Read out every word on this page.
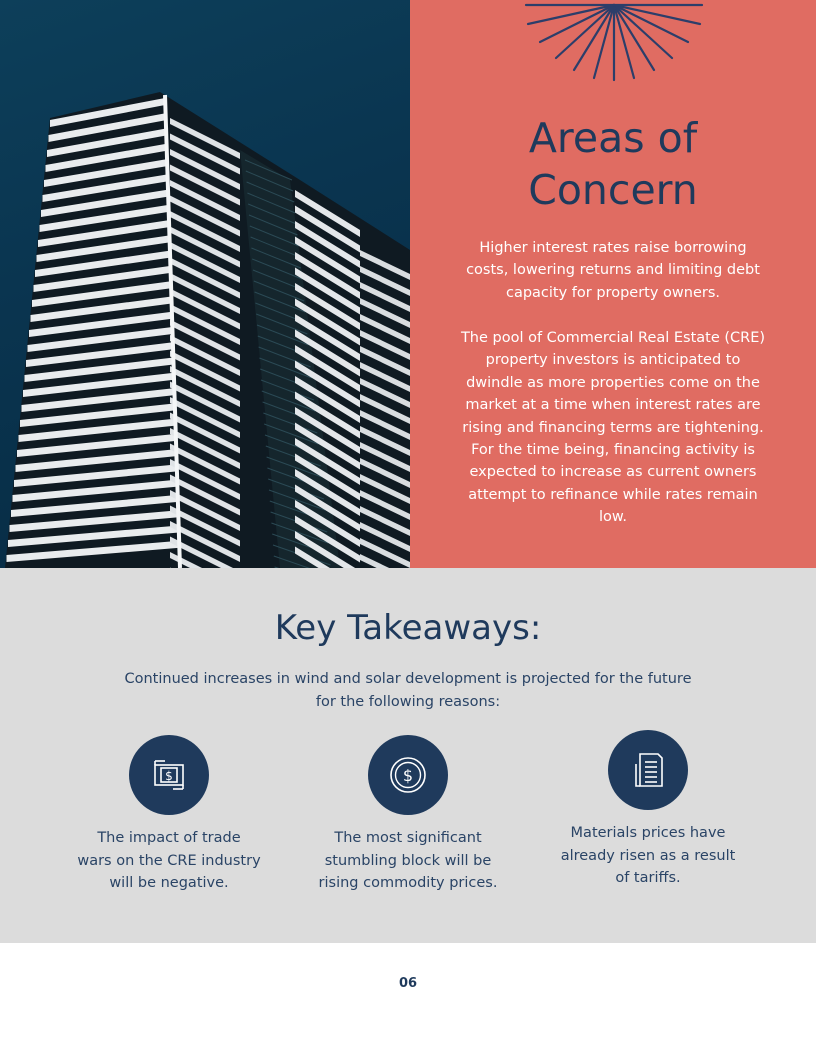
Areas of
Concern
Higher interest rates raise borrowing costs, lowering returns and limiting debt capacity for property owners.
The pool of Commercial Real Estate (CRE) property investors is anticipated to dwindle as more properties come on the market at a time when interest rates are rising and financing terms are tightening. For the time being, financing activity is expected to increase as current owners attempt to refinance while rates remain low.
Key Takeaways:
Continued increases in wind and solar development is projected for the future
for the following reasons:
$
The impact of trade
wars on the CRE industry
will be negative.
$
The most significant
stumbling block will be
rising commodity prices.
Materials prices have
already risen as a result
of tariffs.
06
